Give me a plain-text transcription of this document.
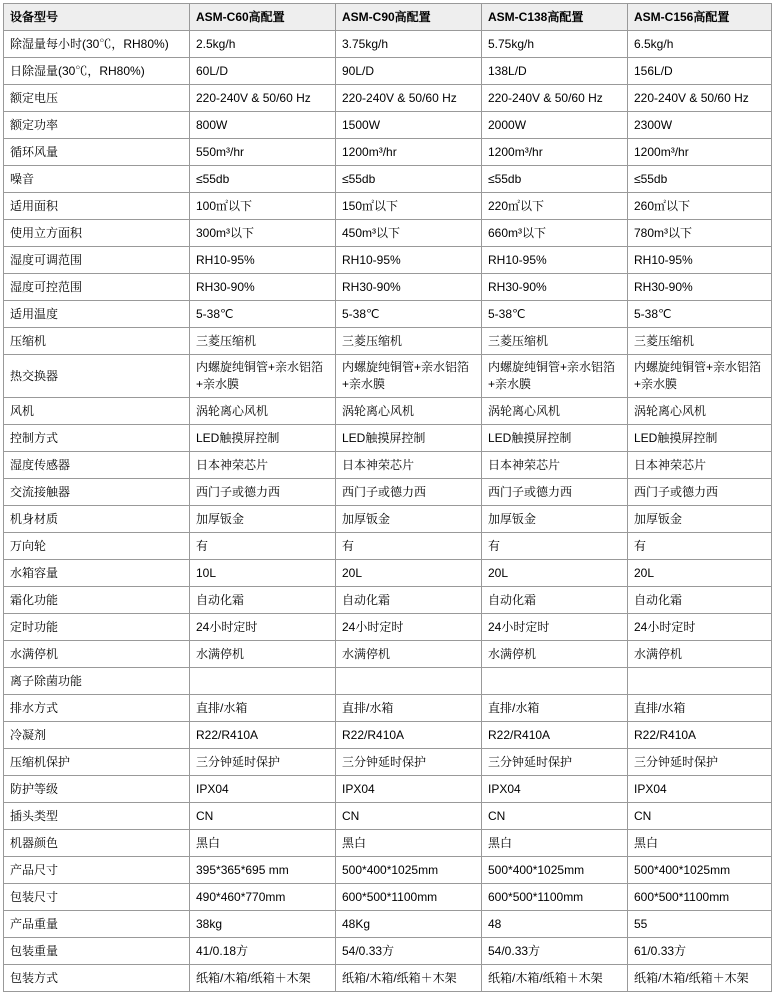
设备型号	ASM-C60高配置	ASM-C90高配置	ASM-C138高配置	ASM-C156高配置
除湿量每小时(30℃，RH80%)	2.5kg/h	3.75kg/h	5.75kg/h	6.5kg/h
日除湿量(30℃，RH80%)	60L/D	90L/D	138L/D	156L/D
额定电压	220-240V & 50/60 Hz	220-240V & 50/60 Hz	220-240V & 50/60 Hz	220-240V & 50/60 Hz
额定功率	800W	1500W	2000W	2300W
循环风量	550m³/hr	1200m³/hr	1200m³/hr	1200m³/hr
噪音	≤55db	≤55db	≤55db	≤55db
适用面积	100㎡以下	150㎡以下	220㎡以下	260㎡以下
使用立方面积	300m³以下	450m³以下	660m³以下	780m³以下
湿度可调范围	RH10-95%	RH10-95%	RH10-95%	RH10-95%
湿度可控范围	RH30-90%	RH30-90%	RH30-90%	RH30-90%
适用温度	5-38℃	5-38℃	5-38℃	5-38℃
压缩机	三菱压缩机	三菱压缩机	三菱压缩机	三菱压缩机
热交换器	内螺旋纯铜管+亲水铝箔+亲水膜	内螺旋纯铜管+亲水铝箔+亲水膜	内螺旋纯铜管+亲水铝箔+亲水膜	内螺旋纯铜管+亲水铝箔+亲水膜
风机	涡轮离心风机	涡轮离心风机	涡轮离心风机	涡轮离心风机
控制方式	LED触摸屏控制	LED触摸屏控制	LED触摸屏控制	LED触摸屏控制
湿度传感器	日本神荣芯片	日本神荣芯片	日本神荣芯片	日本神荣芯片
交流接触器	西门子或德力西	西门子或德力西	西门子或德力西	西门子或德力西
机身材质	加厚钣金	加厚钣金	加厚钣金	加厚钣金
万向轮	有	有	有	有
水箱容量	10L	20L	20L	20L
霜化功能	自动化霜	自动化霜	自动化霜	自动化霜
定时功能	24小时定时	24小时定时	24小时定时	24小时定时
水满停机	水满停机	水满停机	水满停机	水满停机
离子除菌功能				
排水方式	直排/水箱	直排/水箱	直排/水箱	直排/水箱
冷凝剂	R22/R410A	R22/R410A	R22/R410A	R22/R410A
压缩机保护	三分钟延时保护	三分钟延时保护	三分钟延时保护	三分钟延时保护
防护等级	IPX04	IPX04	IPX04	IPX04
插头类型	CN	CN	CN	CN
机器颜色	黑白	黑白	黑白	黑白
产品尺寸	395*365*695 mm	500*400*1025mm	500*400*1025mm	500*400*1025mm
包装尺寸	490*460*770mm	600*500*1100mm	600*500*1100mm	600*500*1100mm
产品重量	38kg	48Kg	48	55
包装重量	41/0.18方	54/0.33方	54/0.33方	61/0.33方
包装方式	纸箱/木箱/纸箱＋木架	纸箱/木箱/纸箱＋木架	纸箱/木箱/纸箱＋木架	纸箱/木箱/纸箱＋木架
